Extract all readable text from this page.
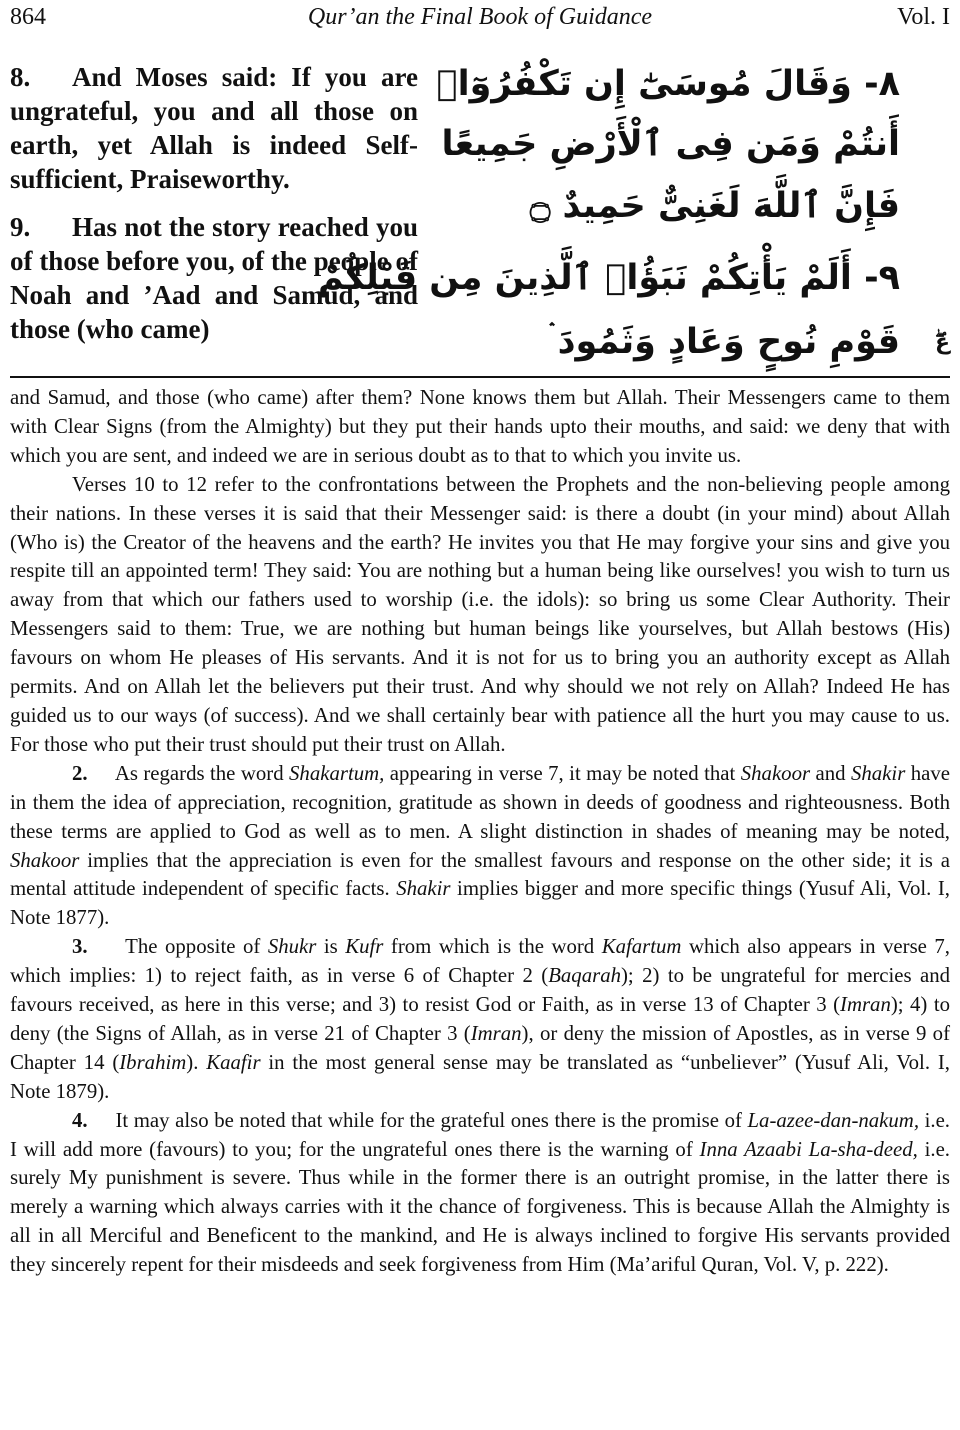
864	Qur’an the Final Book of Guidance	Vol. I

8. And Moses said: If you are ungrateful, you and all those on earth, yet Allah is indeed Self-sufficient, Praiseworthy.

9. Has not the story reached you of those before you, of the people of Noah and ’Aad and Samud, and those (who came)

٨- وَقَالَ مُوسَىٰٓ إِن تَكْفُرُوٓا۟
أَنتُمْ وَمَن فِى ٱلْأَرْضِ جَمِيعًا
فَإِنَّ ٱللَّهَ لَغَنِىٌّ حَمِيدٌ ۝
٩- أَلَمْ يَأْتِكُمْ نَبَؤُا۟ ٱلَّذِينَ مِن قَبْلِكُمْ
قَوْمِ نُوحٍ وَعَادٍ وَثَمُودَ ۛ ۖع

and Samud, and those (who came) after them? None knows them but Allah. Their Messengers came to them with Clear Signs (from the Almighty) but they put their hands upto their mouths, and said: we deny that with which you are sent, and indeed we are in serious doubt as to that to which you invite us.

Verses 10 to 12 refer to the confrontations between the Prophets and the non-believing people among their nations. In these verses it is said that their Messenger said: is there a doubt (in your mind) about Allah (Who is) the Creator of the heavens and the earth? He invites you that He may forgive your sins and give you respite till an appointed term! They said: You are nothing but a human being like ourselves! you wish to turn us away from that which our fathers used to worship (i.e. the idols): so bring us some Clear Authority. Their Messengers said to them: True, we are nothing but human beings like yourselves, but Allah bestows (His) favours on whom He pleases of His servants. And it is not for us to bring you an authority except as Allah permits. And on Allah let the believers put their trust. And why should we not rely on Allah? Indeed He has guided us to our ways (of success). And we shall certainly bear with patience all the hurt you may cause to us. For those who put their trust should put their trust on Allah.

2. As regards the word Shakartum, appearing in verse 7, it may be noted that Shakoor and Shakir have in them the idea of appreciation, recognition, gratitude as shown in deeds of goodness and righteousness. Both these terms are applied to God as well as to men. A slight distinction in shades of meaning may be noted, Shakoor implies that the appreciation is even for the smallest favours and response on the other side; it is a mental attitude independent of specific facts. Shakir implies bigger and more specific things (Yusuf Ali, Vol. I, Note 1877).

3. The opposite of Shukr is Kufr from which is the word Kafartum which also appears in verse 7, which implies: 1) to reject faith, as in verse 6 of Chapter 2 (Baqarah); 2) to be ungrateful for mercies and favours received, as here in this verse; and 3) to resist God or Faith, as in verse 13 of Chapter 3 (Imran); 4) to deny (the Signs of Allah, as in verse 21 of Chapter 3 (Imran), or deny the mission of Apostles, as in verse 9 of Chapter 14 (Ibrahim). Kaafir in the most general sense may be translated as “unbeliever” (Yusuf Ali, Vol. I, Note 1879).

4. It may also be noted that while for the grateful ones there is the promise of La-azee-dan-nakum, i.e. I will add more (favours) to you; for the ungrateful ones there is the warning of Inna Azaabi La-sha-deed, i.e. surely My punishment is severe. Thus while in the former there is an outright promise, in the latter there is merely a warning which always carries with it the chance of forgiveness. This is because Allah the Almighty is all in all Merciful and Beneficent to the mankind, and He is always inclined to forgive His servants provided they sincerely repent for their misdeeds and seek forgiveness from Him (Ma’ariful Quran, Vol. V, p. 222).
